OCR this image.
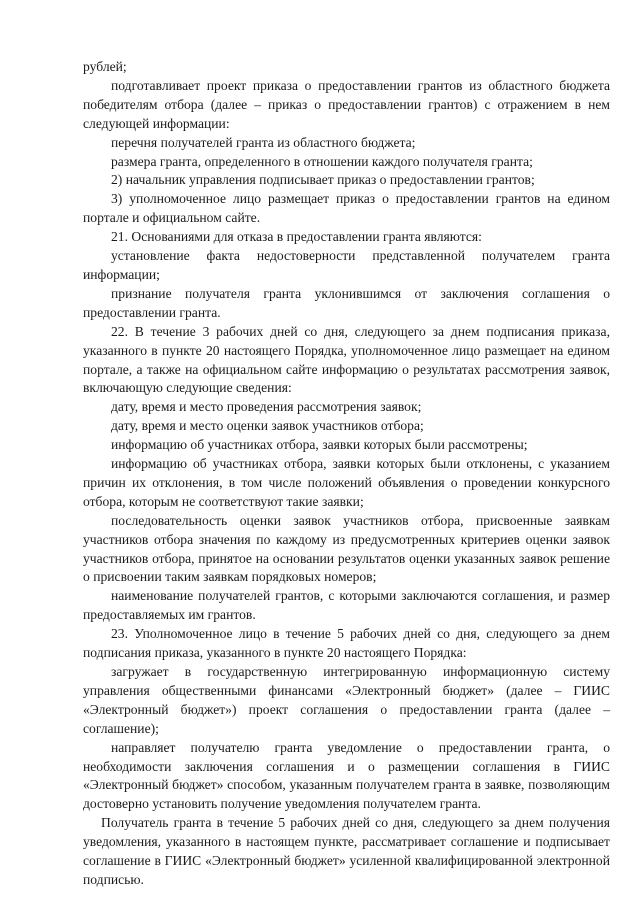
рублей;

подготавливает проект приказа о предоставлении грантов из областного бюджета победителям отбора (далее – приказ о предоставлении грантов) с отражением в нем следующей информации:

перечня получателей гранта из областного бюджета;

размера гранта, определенного в отношении каждого получателя гранта;

2) начальник управления подписывает приказ о предоставлении грантов;

3) уполномоченное лицо размещает приказ о предоставлении грантов на едином портале и официальном сайте.

21. Основаниями для отказа в предоставлении гранта являются:

установление факта недостоверности представленной получателем гранта информации;

признание получателя гранта уклонившимся от заключения соглашения о предоставлении гранта.

22. В течение 3 рабочих дней со дня, следующего за днем подписания приказа, указанного в пункте 20 настоящего Порядка, уполномоченное лицо размещает на едином портале, а также на официальном сайте информацию о результатах рассмотрения заявок, включающую следующие сведения:

дату, время и место проведения рассмотрения заявок;

дату, время и место оценки заявок участников отбора;

информацию об участниках отбора, заявки которых были рассмотрены;

информацию об участниках отбора, заявки которых были отклонены, с указанием причин их отклонения, в том числе положений объявления о проведении конкурсного отбора, которым не соответствуют такие заявки;

последовательность оценки заявок участников отбора, присвоенные заявкам участников отбора значения по каждому из предусмотренных критериев оценки заявок участников отбора, принятое на основании результатов оценки указанных заявок решение о присвоении таким заявкам порядковых номеров;

наименование получателей грантов, с которыми заключаются соглашения, и размер предоставляемых им грантов.

23. Уполномоченное лицо в течение 5 рабочих дней со дня, следующего за днем подписания приказа, указанного в пункте 20 настоящего Порядка:

загружает в государственную интегрированную информационную систему управления общественными финансами «Электронный бюджет» (далее – ГИИС «Электронный бюджет») проект соглашения о предоставлении гранта (далее – соглашение);

направляет получателю гранта уведомление о предоставлении гранта, о необходимости заключения соглашения и о размещении соглашения в ГИИС «Электронный бюджет» способом, указанным получателем гранта в заявке, позволяющим достоверно установить получение уведомления получателем гранта.

Получатель гранта в течение 5 рабочих дней со дня, следующего за днем получения уведомления, указанного в настоящем пункте, рассматривает соглашение и подписывает соглашение в ГИИС «Электронный бюджет» усиленной квалифицированной электронной подписью.
